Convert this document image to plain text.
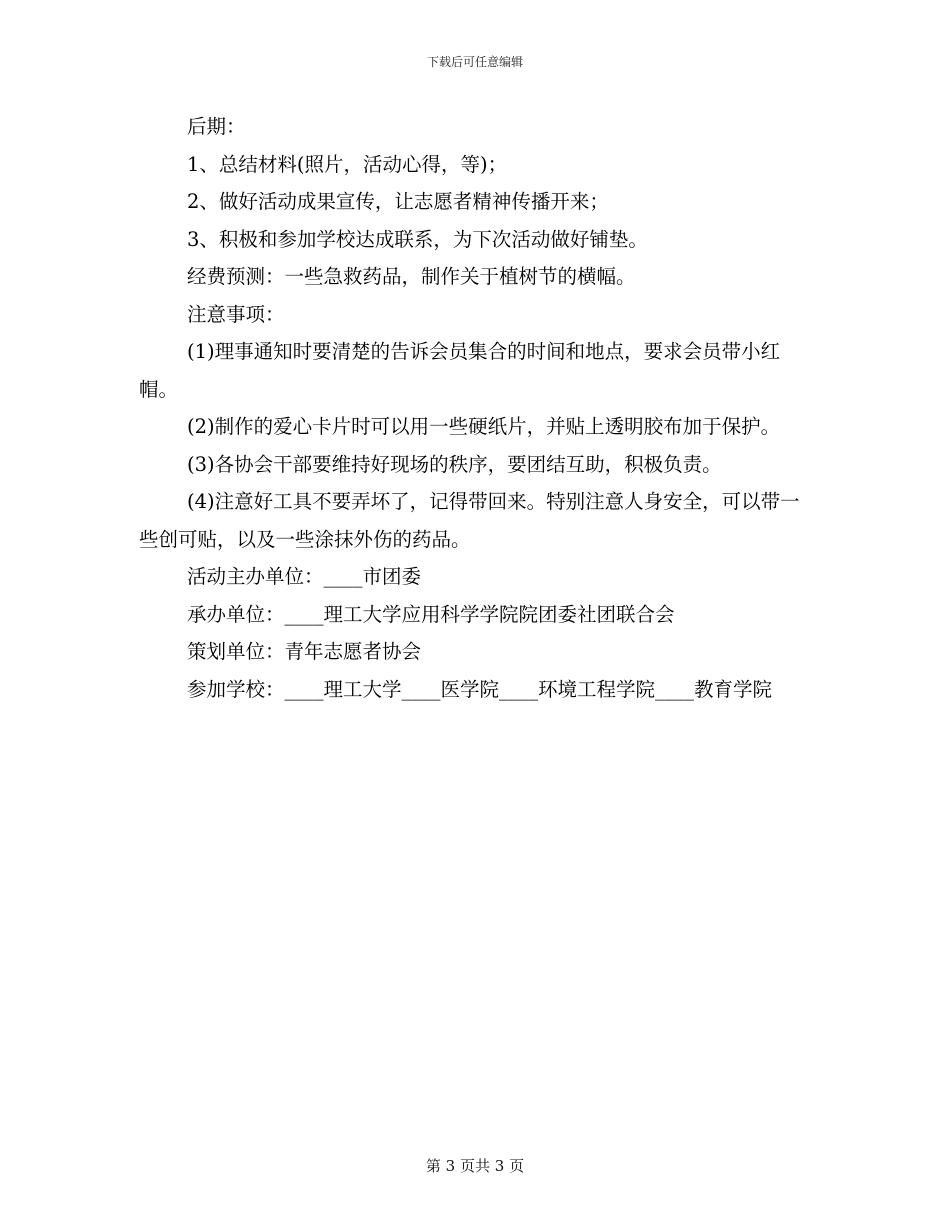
下载后可任意编辑

后期：

1、总结材料(照片，活动心得，等)；

2、做好活动成果宣传，让志愿者精神传播开来；

3、积极和参加学校达成联系，为下次活动做好铺垫。

经费预测：一些急救药品，制作关于植树节的横幅。

注意事项：

(1)理事通知时要清楚的告诉会员集合的时间和地点，要求会员带小红帽。

(2)制作的爱心卡片时可以用一些硬纸片，并贴上透明胶布加于保护。

(3)各协会干部要维持好现场的秩序，要团结互助，积极负责。

(4)注意好工具不要弄坏了，记得带回来。特别注意人身安全，可以带一些创可贴，以及一些涂抹外伤的药品。

活动主办单位：____市团委

承办单位：____理工大学应用科学学院院团委社团联合会

策划单位：青年志愿者协会

参加学校：____理工大学____医学院____环境工程学院____教育学院

第 3 页共 3 页
